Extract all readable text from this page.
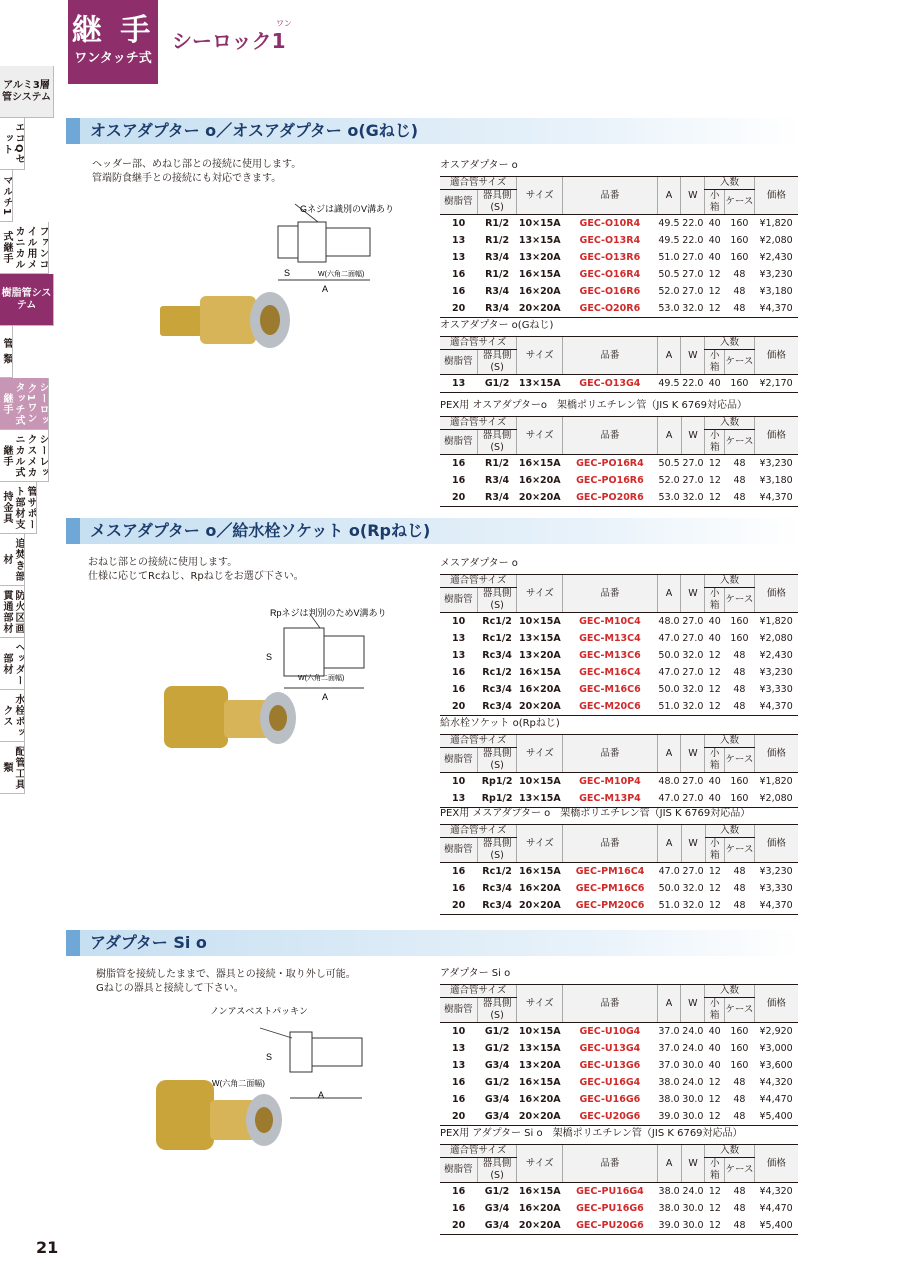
継 手
ワンタッチ式
ワン
シーロック1
アルミ3層管システム
エコQセット
マルチ1
ファンコイル用メカニカル式継手
樹脂管システム
管 類
シーロック1ワンタッチ式継手
シーレックスメカニカル式継手
管サポート部材支持金具
追焚き部材
防火区画貫通部材
ヘッダー部材
水栓ボックス
配管工具類
21
オスアダプター o／オスアダプター o(Gねじ)
ヘッダー部、めねじ部との接続に使用します。
管端防食継手との接続にも対応できます。
Gネジは識別のV溝あり
S	W(六角二面幅)
A
オスアダプター o
適合管サイズ		サイズ	品番	A	W	入数		価格
樹脂管	器具側(S)					小箱	ケース	
10	R1/2	10×15A	GEC-O10R4	49.5	22.0	40	160	¥1,820
13	R1/2	13×15A	GEC-O13R4	49.5	22.0	40	160	¥2,080
13	R3/4	13×20A	GEC-O13R6	51.0	27.0	40	160	¥2,430
16	R1/2	16×15A	GEC-O16R4	50.5	27.0	12	48	¥3,230
16	R3/4	16×20A	GEC-O16R6	52.0	27.0	12	48	¥3,180
20	R3/4	20×20A	GEC-O20R6	53.0	32.0	12	48	¥4,370
オスアダプター o(Gねじ)
適合管サイズ		サイズ	品番	A	W	入数		価格
樹脂管	器具側(S)					小箱	ケース	
13	G1/2	13×15A	GEC-O13G4	49.5	22.0	40	160	¥2,170
PEX用 オスアダプターo　架橋ポリエチレン管（JIS K 6769対応品）
適合管サイズ		サイズ	品番	A	W	入数		価格
樹脂管	器具側(S)					小箱	ケース	
16	R1/2	16×15A	GEC-PO16R4	50.5	27.0	12	48	¥3,230
16	R3/4	16×20A	GEC-PO16R6	52.0	27.0	12	48	¥3,180
20	R3/4	20×20A	GEC-PO20R6	53.0	32.0	12	48	¥4,370
メスアダプター o／給水栓ソケット o(Rpねじ)
おねじ部との接続に使用します。
仕様に応じてRcねじ、Rpねじをお選び下さい。
Rpネジは判別のためV溝あり
S
W(六角二面幅)
A
メスアダプター o
適合管サイズ		サイズ	品番	A	W	入数		価格
樹脂管	器具側(S)					小箱	ケース	
10	Rc1/2	10×15A	GEC-M10C4	48.0	27.0	40	160	¥1,820
13	Rc1/2	13×15A	GEC-M13C4	47.0	27.0	40	160	¥2,080
13	Rc3/4	13×20A	GEC-M13C6	50.0	32.0	12	48	¥2,430
16	Rc1/2	16×15A	GEC-M16C4	47.0	27.0	12	48	¥3,230
16	Rc3/4	16×20A	GEC-M16C6	50.0	32.0	12	48	¥3,330
20	Rc3/4	20×20A	GEC-M20C6	51.0	32.0	12	48	¥4,370
給水栓ソケット o(Rpねじ)
適合管サイズ		サイズ	品番	A	W	入数		価格
樹脂管	器具側(S)					小箱	ケース	
10	Rp1/2	10×15A	GEC-M10P4	48.0	27.0	40	160	¥1,820
13	Rp1/2	13×15A	GEC-M13P4	47.0	27.0	40	160	¥2,080
PEX用 メスアダプター o　架橋ポリエチレン管（JIS K 6769対応品）
適合管サイズ		サイズ	品番	A	W	入数		価格
樹脂管	器具側(S)					小箱	ケース	
16	Rc1/2	16×15A	GEC-PM16C4	47.0	27.0	12	48	¥3,230
16	Rc3/4	16×20A	GEC-PM16C6	50.0	32.0	12	48	¥3,330
20	Rc3/4	20×20A	GEC-PM20C6	51.0	32.0	12	48	¥4,370
アダプター Si o
樹脂管を接続したままで、器具との接続・取り外し可能。
Gねじの器具と接続して下さい。
ノンアスベストパッキン
S
W(六角二面幅)
A
アダプター Si o
適合管サイズ		サイズ	品番	A	W	入数		価格
樹脂管	器具側(S)					小箱	ケース	
10	G1/2	10×15A	GEC-U10G4	37.0	24.0	40	160	¥2,920
13	G1/2	13×15A	GEC-U13G4	37.0	24.0	40	160	¥3,000
13	G3/4	13×20A	GEC-U13G6	37.0	30.0	40	160	¥3,600
16	G1/2	16×15A	GEC-U16G4	38.0	24.0	12	48	¥4,320
16	G3/4	16×20A	GEC-U16G6	38.0	30.0	12	48	¥4,470
20	G3/4	20×20A	GEC-U20G6	39.0	30.0	12	48	¥5,400
PEX用 アダプター Si o　架橋ポリエチレン管（JIS K 6769対応品）
適合管サイズ		サイズ	品番	A	W	入数		価格
樹脂管	器具側(S)					小箱	ケース	
16	G1/2	16×15A	GEC-PU16G4	38.0	24.0	12	48	¥4,320
16	G3/4	16×20A	GEC-PU16G6	38.0	30.0	12	48	¥4,470
20	G3/4	20×20A	GEC-PU20G6	39.0	30.0	12	48	¥5,400
